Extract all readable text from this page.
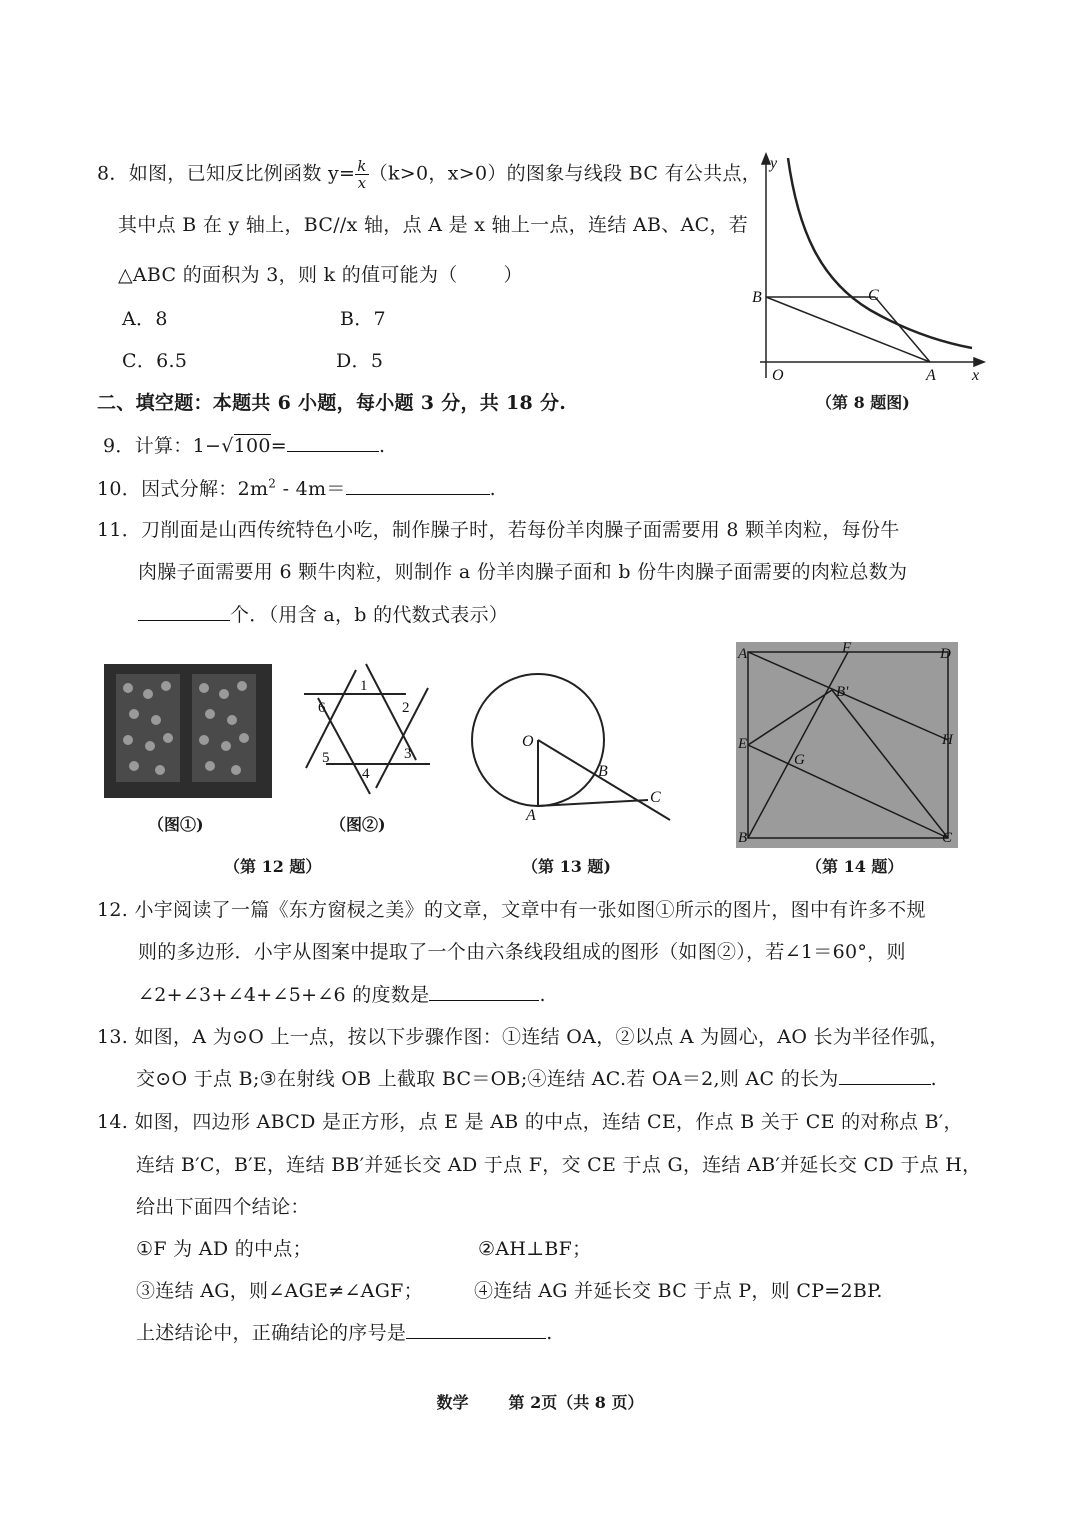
8．如图，已知反比例函数 $y= \frac{k}{x} (k>0$，x>0）的图象与线段 BC 有公共点，
其中点 B 在 y 轴上，BC//x 轴，点 A 是 x 轴上一点，连结 AB、AC，若
△ABC 的面积为 3，则 k 的值可能为（ ）
A．8	B．7
C．6.5	D．5
y
B	C
O	A x
（第 8 题图)
二、填空题：本题共 6 小题，每小题 3 分，共 18 分.
9．计算：1−√100=	.
10．因式分解：$2m^2 - 4m=$	.
11．刀削面是山西传统特色小吃，制作臊子时，若每份羊肉臊子面需要用 8 颗羊肉粒，每份牛
肉臊子面需要用 6 颗牛肉粒，则制作 a 份羊肉臊子面和 b 份牛肉臊子面需要的肉粒总数为
个．（用含 a，b 的代数式表示）
1
2
3
4
5
6
（图①)	（图②)
（第 12 题）
O
B
A
C
（第 13 题)
A	F	D
B'
E	H
G
B	C
（第 14 题）
12. 小宇阅读了一篇《东方窗棂之美》的文章，文章中有一张如图①所示的图片，图中有许多不规
则的多边形．小宇从图案中提取了一个由六条线段组成的图形（如图②），若∠1＝60°，则
∠2+∠3+∠4+∠5+∠6 的度数是	.
13. 如图，A 为⊙O 上一点，按以下步骤作图：①连结 OA，②以点 A 为圆心，AO 长为半径作弧，
交⊙O 于点 B;③在射线 OB 上截取 BC＝OB;④连结 AC.若 OA＝2,则 AC 的长为	.
14. 如图，四边形 ABCD 是正方形，点 E 是 AB 的中点，连结 CE，作点 B 关于 CE 的对称点 B′，
连结 B′C，B′E，连结 BB′并延长交 AD 于点 F，交 CE 于点 G，连结 AB′并延长交 CD 于点 H，
给出下面四个结论：
①F 为 AD 的中点；	②AH⊥BF；
③连结 AG，则∠AGE≠∠AGF；	④连结 AG 并延长交 BC 于点 P，则 CP=2BP.
上述结论中，正确结论的序号是	.
数学	第 2页（共 8 页）
